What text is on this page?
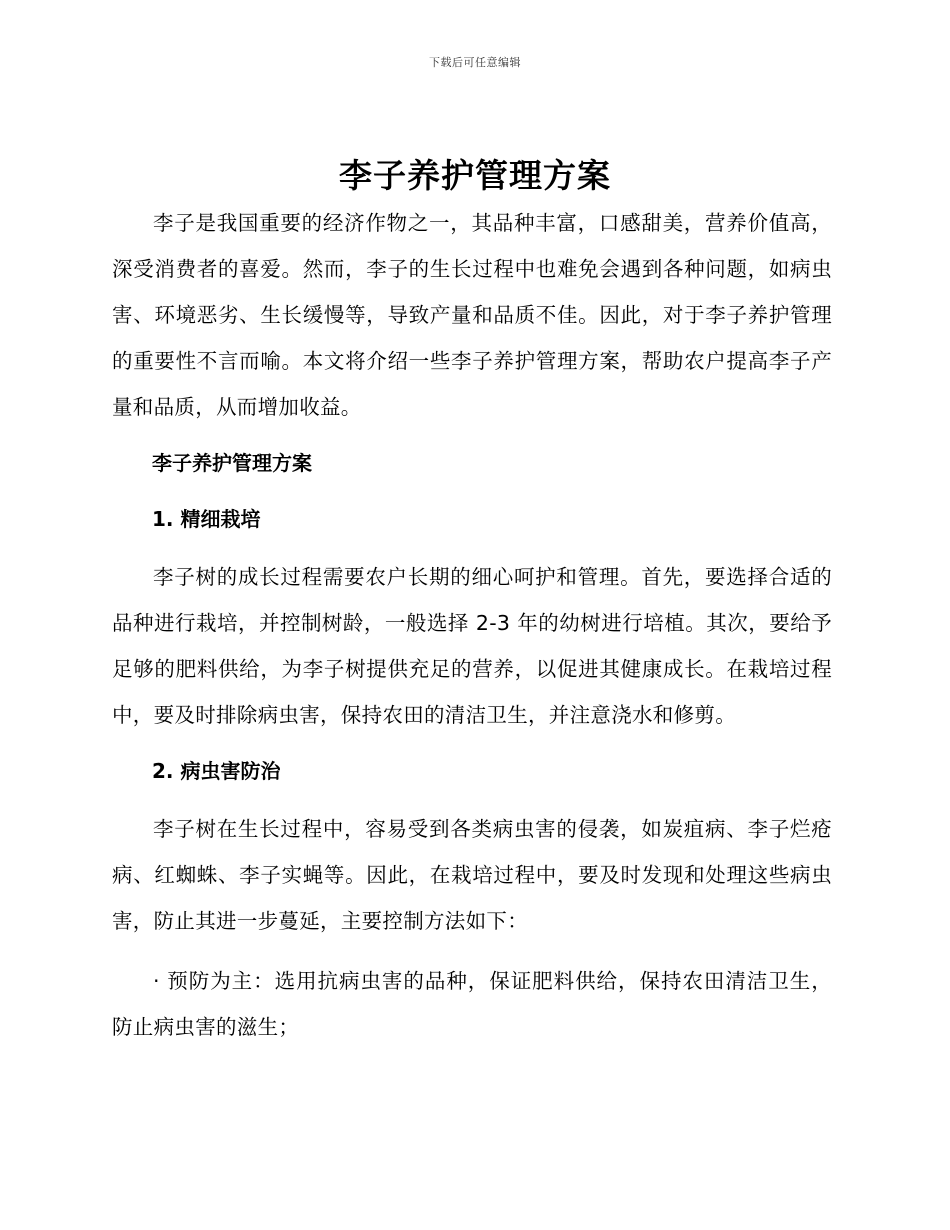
下载后可任意编辑
李子养护管理方案

李子是我国重要的经济作物之一，其品种丰富，口感甜美，营养价值高，深受消费者的喜爱。然而，李子的生长过程中也难免会遇到各种问题，如病虫害、环境恶劣、生长缓慢等，导致产量和品质不佳。因此，对于李子养护管理的重要性不言而喻。本文将介绍一些李子养护管理方案，帮助农户提高李子产量和品质，从而增加收益。

李子养护管理方案

1. 精细栽培

李子树的成长过程需要农户长期的细心呵护和管理。首先，要选择合适的品种进行栽培，并控制树龄，一般选择 2-3 年的幼树进行培植。其次，要给予足够的肥料供给，为李子树提供充足的营养，以促进其健康成长。在栽培过程中，要及时排除病虫害，保持农田的清洁卫生，并注意浇水和修剪。

2. 病虫害防治

李子树在生长过程中，容易受到各类病虫害的侵袭，如炭疽病、李子烂疮病、红蜘蛛、李子实蝇等。因此，在栽培过程中，要及时发现和处理这些病虫害，防止其进一步蔓延，主要控制方法如下：

· 预防为主：选用抗病虫害的品种，保证肥料供给，保持农田清洁卫生，防止病虫害的滋生；
